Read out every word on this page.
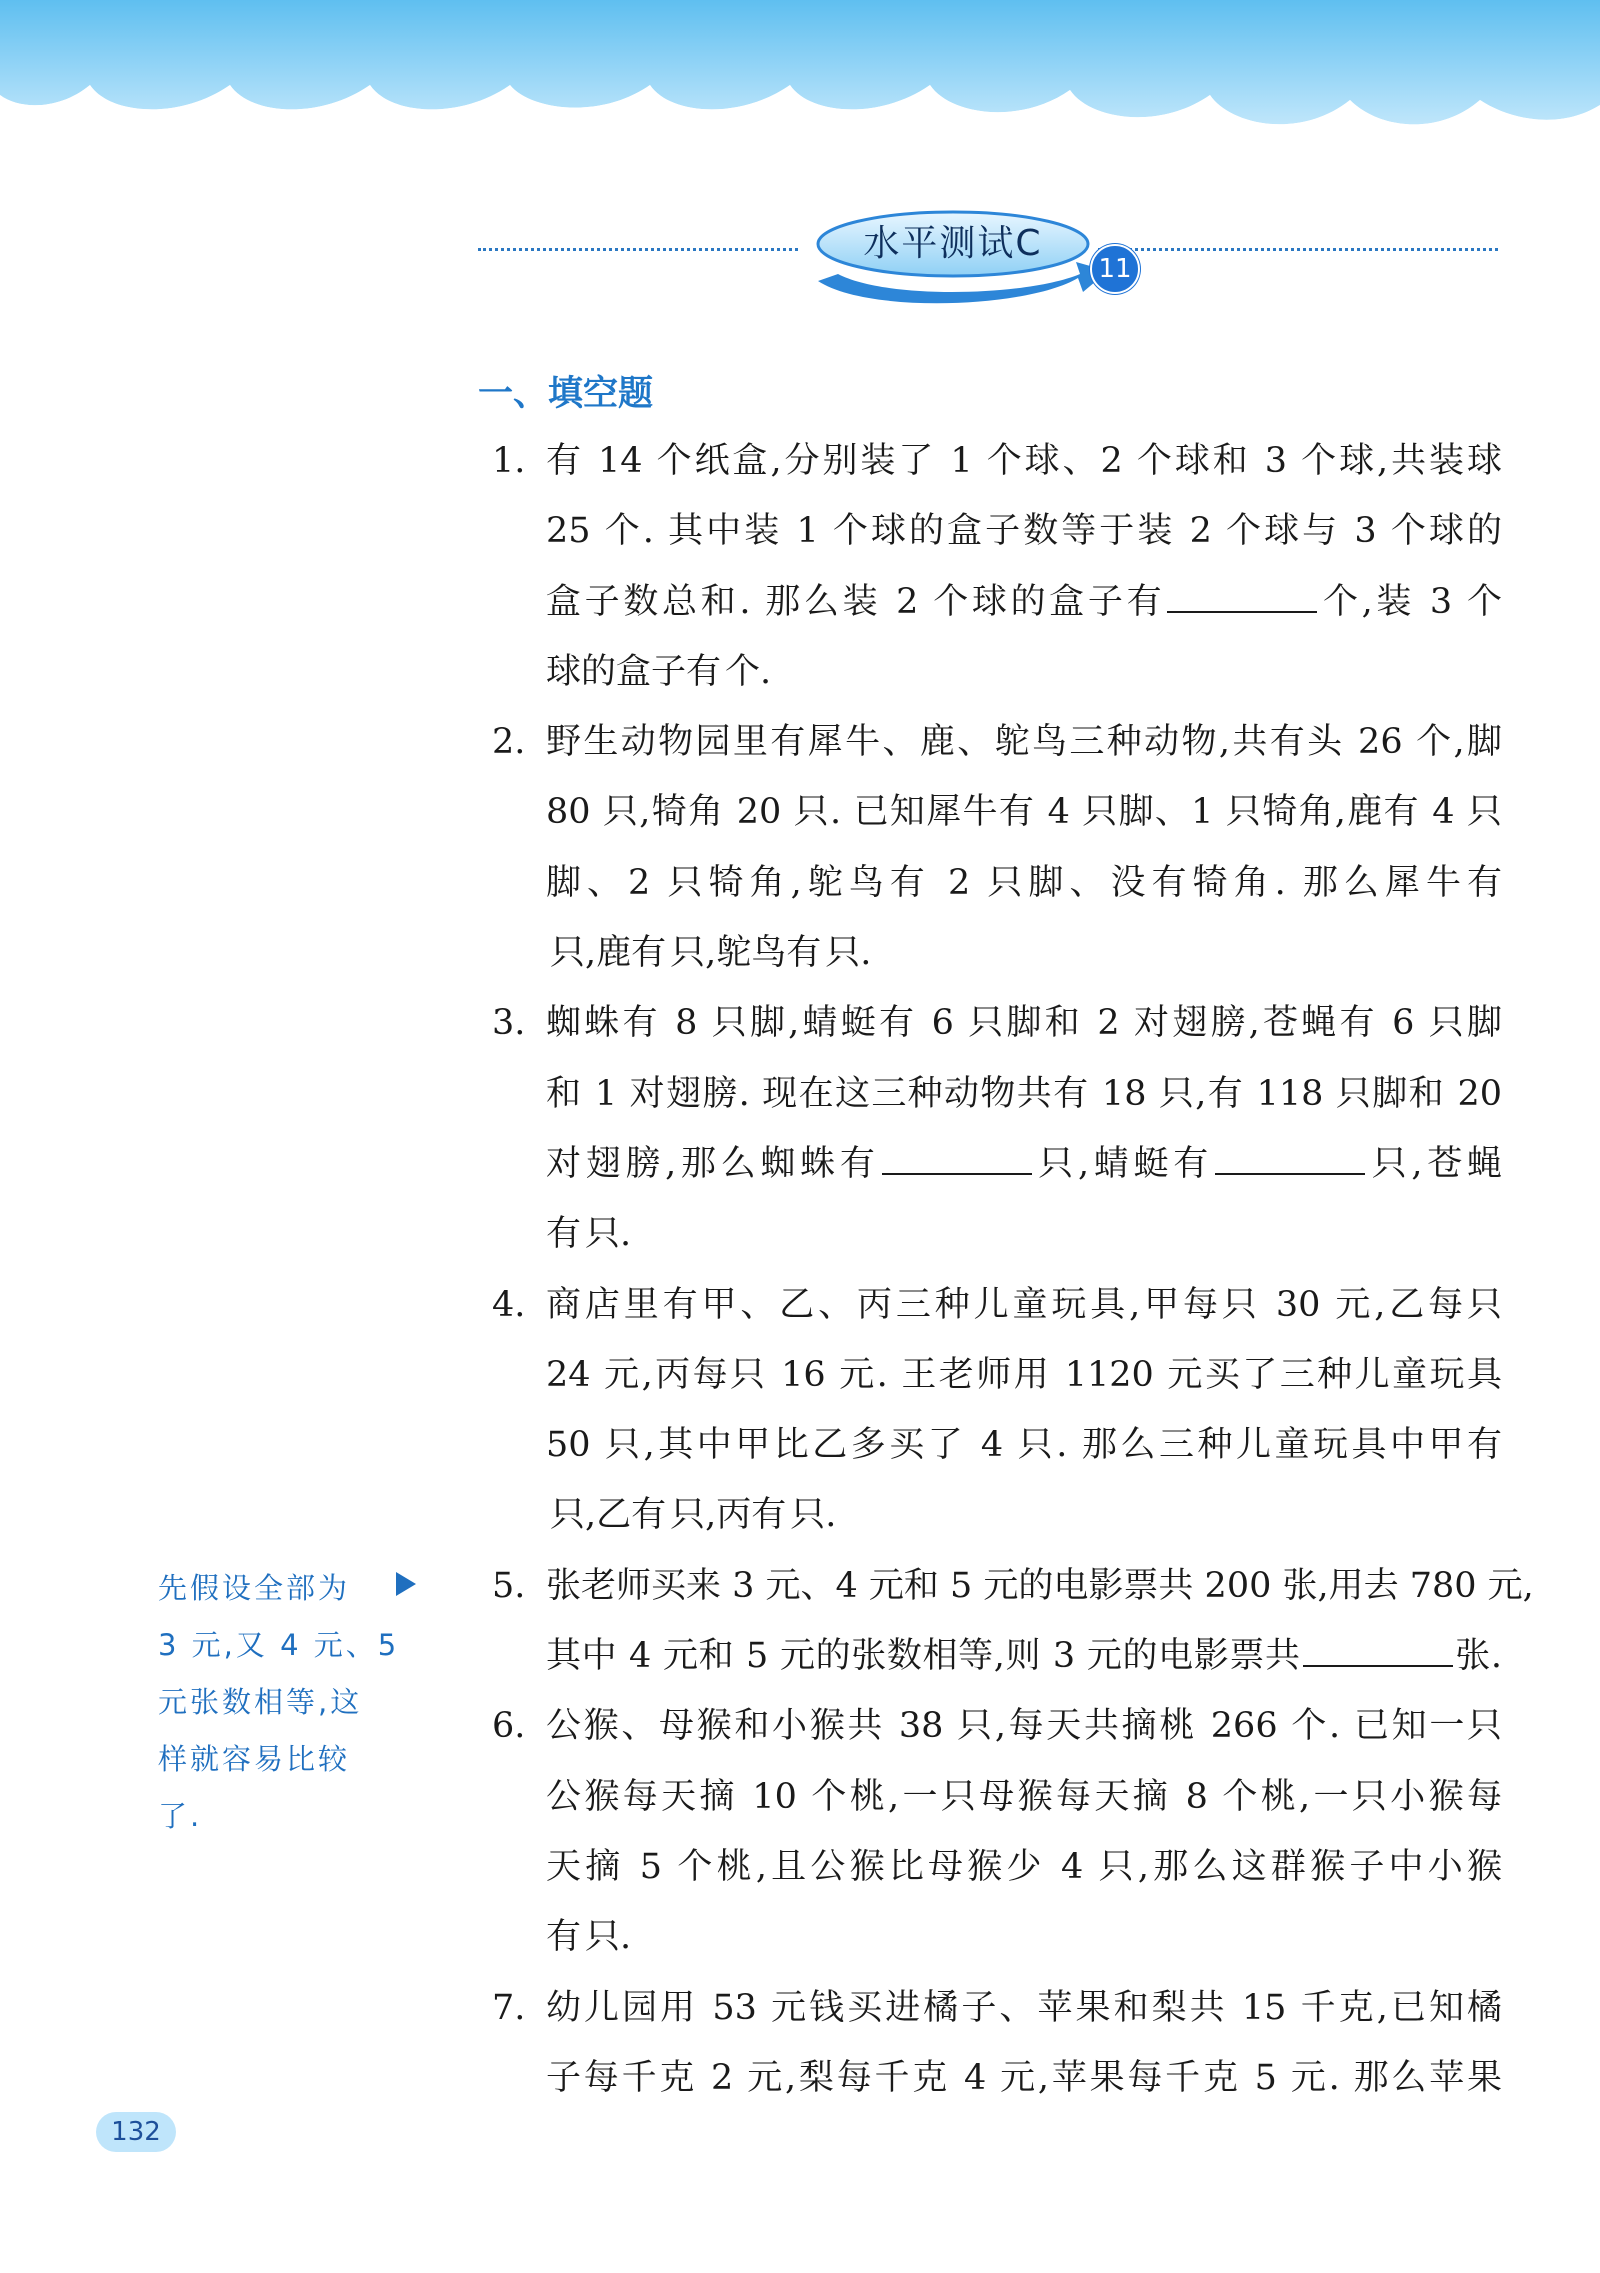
水平测试C
11
一、填空题
1. 有 14 个纸盒,分别装了 1 个球、2 个球和 3 个球,共装球
25 个. 其中装 1 个球的盒子数等于装 2 个球与 3 个球的
盒子数总和. 那么装 2 个球的盒子有	个,装 3 个
球的盒子有 个.
2. 野生动物园里有犀牛、鹿、鸵鸟三种动物,共有头 26 个,脚
80 只,犄角 20 只. 已知犀牛有 4 只脚、1 只犄角,鹿有 4 只
脚、2 只犄角,鸵鸟有 2 只脚、没有犄角. 那么犀牛有
只,鹿有 只,鸵鸟有 只.
3. 蜘蛛有 8 只脚,蜻蜓有 6 只脚和 2 对翅膀,苍蝇有 6 只脚
和 1 对翅膀. 现在这三种动物共有 18 只,有 118 只脚和 20
对翅膀,那么蜘蛛有	只,蜻蜓有	只,苍蝇
有 只.
4. 商店里有甲、乙、丙三种儿童玩具,甲每只 30 元,乙每只
24 元,丙每只 16 元. 王老师用 1120 元买了三种儿童玩具
50 只,其中甲比乙多买了 4 只. 那么三种儿童玩具中甲有
只,乙有 只,丙有 只.
5. 张老师买来 3 元、4 元和 5 元的电影票共 200 张,用去 780 元,
其中 4 元和 5 元的张数相等,则 3 元的电影票共	张.
6. 公猴、母猴和小猴共 38 只,每天共摘桃 266 个. 已知一只
公猴每天摘 10 个桃,一只母猴每天摘 8 个桃,一只小猴每
天摘 5 个桃,且公猴比母猴少 4 只,那么这群猴子中小猴
有 只.
7. 幼儿园用 53 元钱买进橘子、苹果和梨共 15 千克,已知橘
子每千克 2 元,梨每千克 4 元,苹果每千克 5 元. 那么苹果
先假设全部为
3 元,又 4 元、5
元张数相等,这
样就容易比较
了.
132
